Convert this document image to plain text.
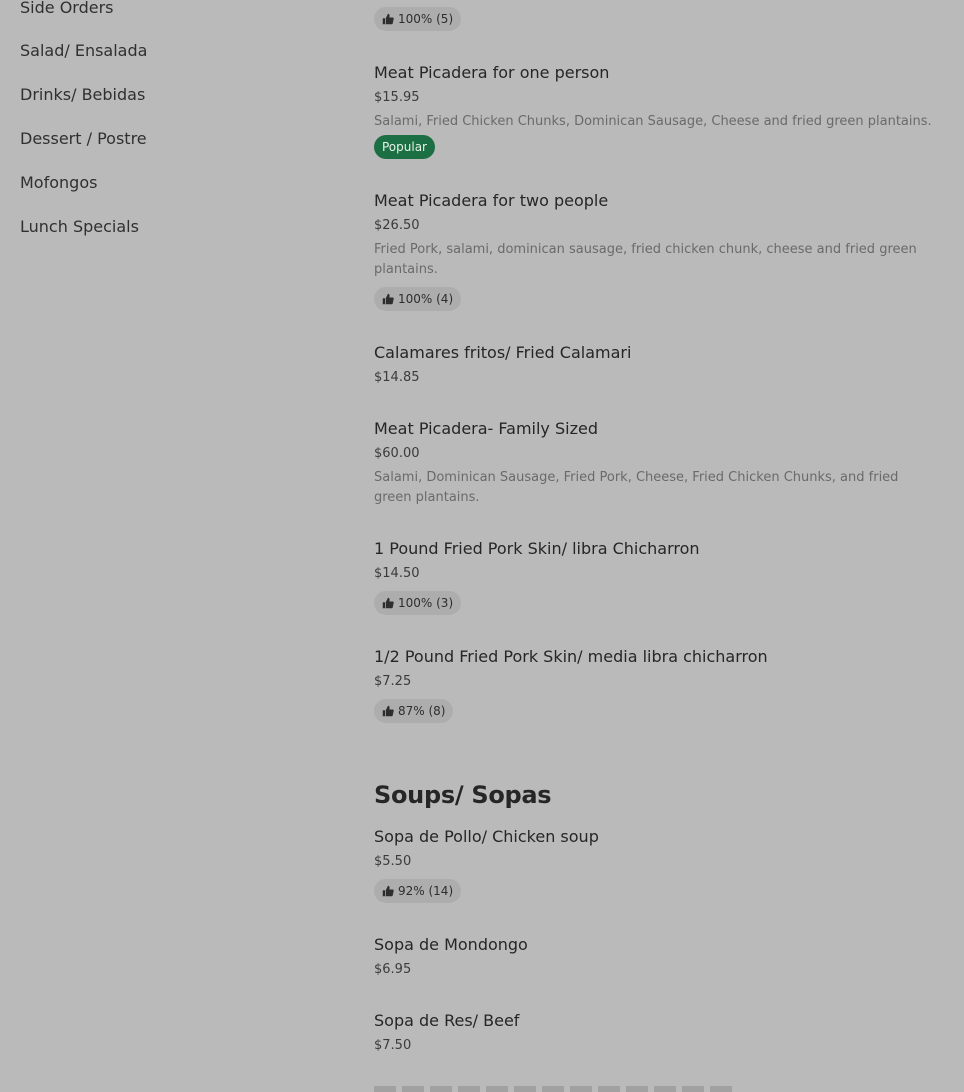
Side Orders
Salad/ Ensalada
Drinks/ Bebidas
Dessert / Postre
Mofongos
Lunch Specials
100% (5)
Meat Picadera for one person
$15.95
Salami, Fried Chicken Chunks, Dominican Sausage, Cheese and fried green plantains.
Popular
Meat Picadera for two people
$26.50
Fried Pork, salami, dominican sausage, fried chicken chunk, cheese and fried green plantains.
100% (4)
Calamares fritos/ Fried Calamari
$14.85
Meat Picadera- Family Sized
$60.00
Salami, Dominican Sausage, Fried Pork, Cheese, Fried Chicken Chunks, and fried green plantains.
1 Pound Fried Pork Skin/ libra Chicharron
$14.50
100% (3)
1/2 Pound Fried Pork Skin/ media libra chicharron
$7.25
87% (8)
Soups/ Sopas
Sopa de Pollo/ Chicken soup
$5.50
92% (14)
Sopa de Mondongo
$6.95
Sopa de Res/ Beef
$7.50
